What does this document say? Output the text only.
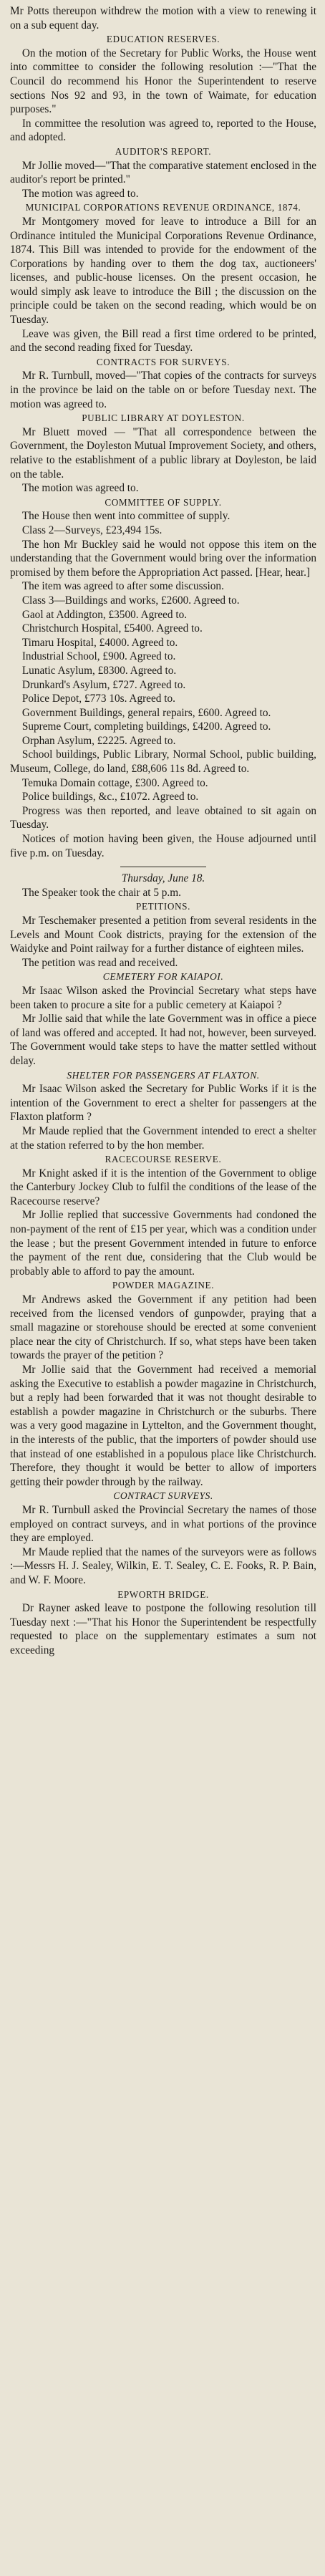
Mr Potts thereupon withdrew the motion with a view to renewing it on a sub equent day.

EDUCATION RESERVES.

On the motion of the Secretary for Public Works, the House went into committee to consider the following resolution :—"That the Council do recommend his Honor the Superintendent to reserve sections Nos 92 and 93, in the town of Waimate, for education purposes."

In committee the resolution was agreed to, reported to the House, and adopted.

AUDITOR'S REPORT.

Mr Jollie moved—"That the comparative statement enclosed in the auditor's report be printed."

The motion was agreed to.

MUNICIPAL CORPORATIONS REVENUE ORDINANCE, 1874.

Mr Montgomery moved for leave to introduce a Bill for an Ordinance intituled the Municipal Corporations Revenue Ordinance, 1874. This Bill was intended to provide for the endowment of the Corporations by handing over to them the dog tax, auctioneers' licenses, and public-house licenses. On the present occasion, he would simply ask leave to introduce the Bill ; the discussion on the principle could be taken on the second reading, which would be on Tuesday.

Leave was given, the Bill read a first time ordered to be printed, and the second reading fixed for Tuesday.

CONTRACTS FOR SURVEYS.

Mr R. Turnbull, moved—"That copies of the contracts for surveys in the province be laid on the table on or before Tuesday next. The motion was agreed to.

PUBLIC LIBRARY AT DOYLESTON.

Mr Bluett moved — "That all correspondence between the Government, the Doyleston Mutual Improvement Society, and others, relative to the establishment of a public library at Doyleston, be laid on the table.

The motion was agreed to.

COMMITTEE OF SUPPLY.

The House then went into committee of supply.

Class 2—Surveys, £23,494 15s.

The hon Mr Buckley said he would not oppose this item on the understanding that the Government would bring over the information promised by them before the Appropriation Act passed. [Hear, hear.]

The item was agreed to after some discussion.

Class 3—Buildings and works, £2600. Agreed to.

Gaol at Addington, £3500. Agreed to.

Christchurch Hospital, £5400. Agreed to.

Timaru Hospital, £4000. Agreed to.

Industrial School, £900. Agreed to.

Lunatic Asylum, £8300. Agreed to.

Drunkard's Asylum, £727. Agreed to.

Police Depot, £773 10s. Agreed to.

Government Buildings, general repairs, £600. Agreed to.

Supreme Court, completing buildings, £4200. Agreed to.

Orphan Asylum, £2225. Agreed to.

School buildings, Public Library, Normal School, public building, Museum, College, do land, £88,606 11s 8d. Agreed to.

Temuka Domain cottage, £300. Agreed to.

Police buildings, &c., £1072. Agreed to.

Progress was then reported, and leave obtained to sit again on Tuesday.

Notices of motion having been given, the House adjourned until five p.m. on Tuesday.

Thursday, June 18.

The Speaker took the chair at 5 p.m.

PETITIONS.

Mr Teschemaker presented a petition from several residents in the Levels and Mount Cook districts, praying for the extension of the Waidyke and Point railway for a further distance of eighteen miles.

The petition was read and received.

CEMETERY FOR KAIAPOI.

Mr Isaac Wilson asked the Provincial Secretary what steps have been taken to procure a site for a public cemetery at Kaiapoi ?

Mr Jollie said that while the late Government was in office a piece of land was offered and accepted. It had not, however, been surveyed. The Government would take steps to have the matter settled without delay.

SHELTER FOR PASSENGERS AT FLAXTON.

Mr Isaac Wilson asked the Secretary for Public Works if it is the intention of the Government to erect a shelter for passengers at the Flaxton platform ?

Mr Maude replied that the Government intended to erect a shelter at the station referred to by the hon member.

RACECOURSE RESERVE.

Mr Knight asked if it is the intention of the Government to oblige the Canterbury Jockey Club to fulfil the conditions of the lease of the Racecourse reserve?

Mr Jollie replied that successive Governments had condoned the non-payment of the rent of £15 per year, which was a condition under the lease ; but the present Government intended in future to enforce the payment of the rent due, considering that the Club would be probably able to afford to pay the amount.

POWDER MAGAZINE.

Mr Andrews asked the Government if any petition had been received from the licensed vendors of gunpowder, praying that a small magazine or storehouse should be erected at some convenient place near the city of Christchurch. If so, what steps have been taken towards the prayer of the petition ?

Mr Jollie said that the Government had received a memorial asking the Executive to establish a powder magazine in Christchurch, but a reply had been forwarded that it was not thought desirable to establish a powder magazine in Christchurch or the suburbs. There was a very good magazine in Lyttelton, and the Government thought, in the interests of the public, that the importers of powder should use that instead of one established in a populous place like Christchurch. Therefore, they thought it would be better to allow of importers getting their powder through by the railway.

CONTRACT SURVEYS.

Mr R. Turnbull asked the Provincial Secretary the names of those employed on contract surveys, and in what portions of the province they are employed.

Mr Maude replied that the names of the surveyors were as follows :—Messrs H. J. Sealey, Wilkin, E. T. Sealey, C. E. Fooks, R. P. Bain, and W. F. Moore.

EPWORTH BRIDGE.

Dr Rayner asked leave to postpone the following resolution till Tuesday next :—"That his Honor the Superintendent be respectfully requested to place on the supplementary estimates a sum not exceeding
